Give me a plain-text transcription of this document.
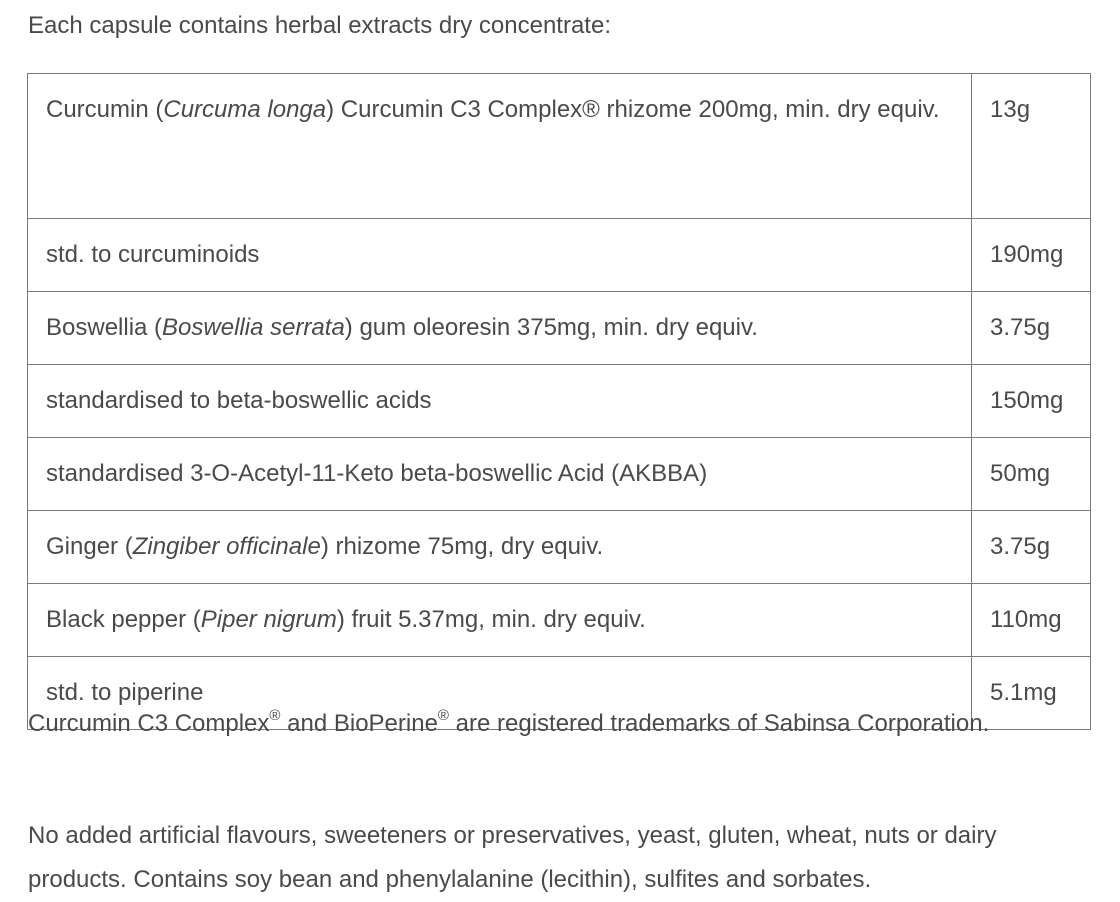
Each capsule contains herbal extracts dry concentrate:

Curcumin (Curcuma longa) Curcumin C3 Complex® rhizome 200mg, min. dry equiv.	13g
std. to curcuminoids	190mg
Boswellia (Boswellia serrata) gum oleoresin 375mg, min. dry equiv.	3.75g
standardised to beta-boswellic acids	150mg
standardised 3-O-Acetyl-11-Keto beta-boswellic Acid (AKBBA)	50mg
Ginger (Zingiber officinale) rhizome 75mg, dry equiv.	3.75g
Black pepper (Piper nigrum) fruit 5.37mg, min. dry equiv.	110mg
std. to piperine	5.1mg

Curcumin C3 Complex® and BioPerine® are registered trademarks of Sabinsa Corporation.

No added artificial flavours, sweeteners or preservatives, yeast, gluten, wheat, nuts or dairy products. Contains soy bean and phenylalanine (lecithin), sulfites and sorbates.
